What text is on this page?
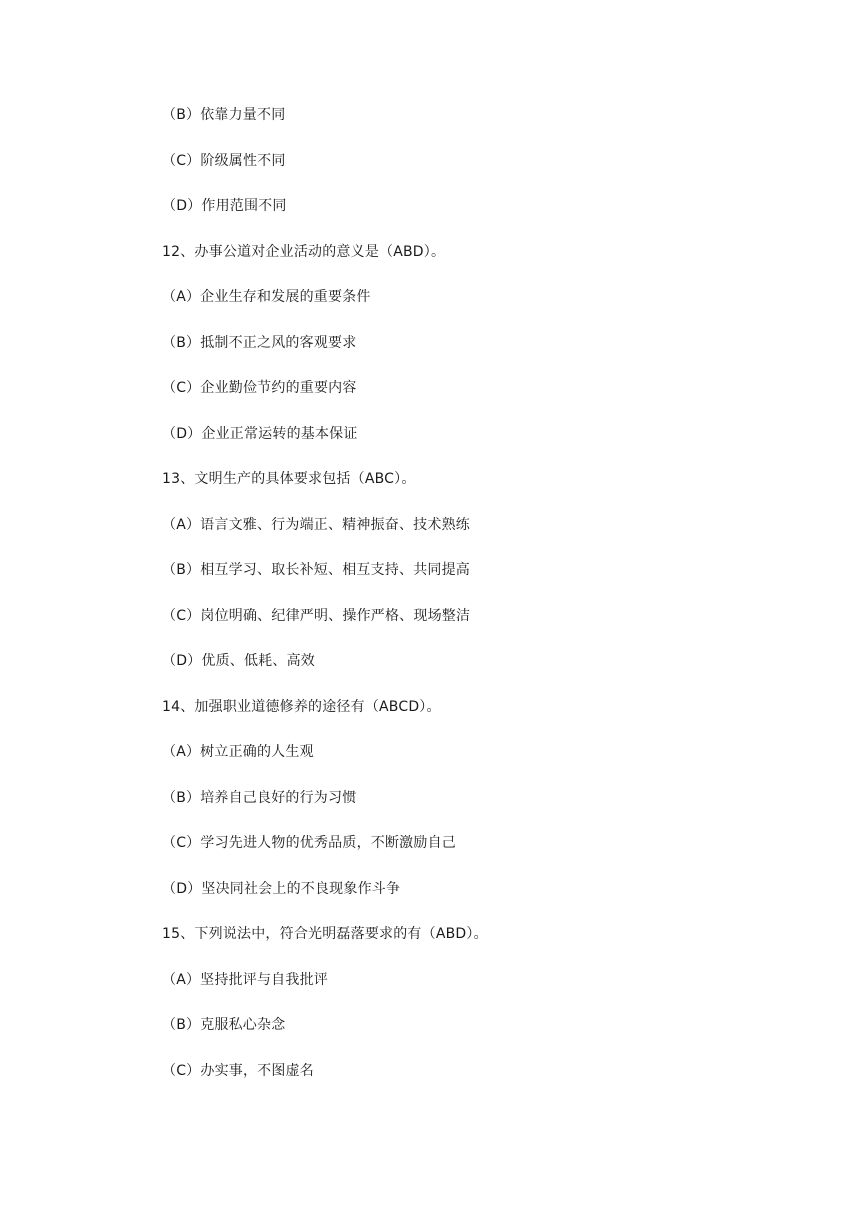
（B）依靠力量不同
（C）阶级属性不同
（D）作用范围不同
12、办事公道对企业活动的意义是（ABD）。
（A）企业生存和发展的重要条件
（B）抵制不正之风的客观要求
（C）企业勤俭节约的重要内容
（D）企业正常运转的基本保证
13、文明生产的具体要求包括（ABC）。
（A）语言文雅、行为端正、精神振奋、技术熟练
（B）相互学习、取长补短、相互支持、共同提高
（C）岗位明确、纪律严明、操作严格、现场整洁
（D）优质、低耗、高效
14、加强职业道德修养的途径有（ABCD）。
（A）树立正确的人生观
（B）培养自己良好的行为习惯
（C）学习先进人物的优秀品质，不断激励自己
（D）坚决同社会上的不良现象作斗争
15、下列说法中，符合光明磊落要求的有（ABD）。
（A）坚持批评与自我批评
（B）克服私心杂念
（C）办实事，不图虚名
